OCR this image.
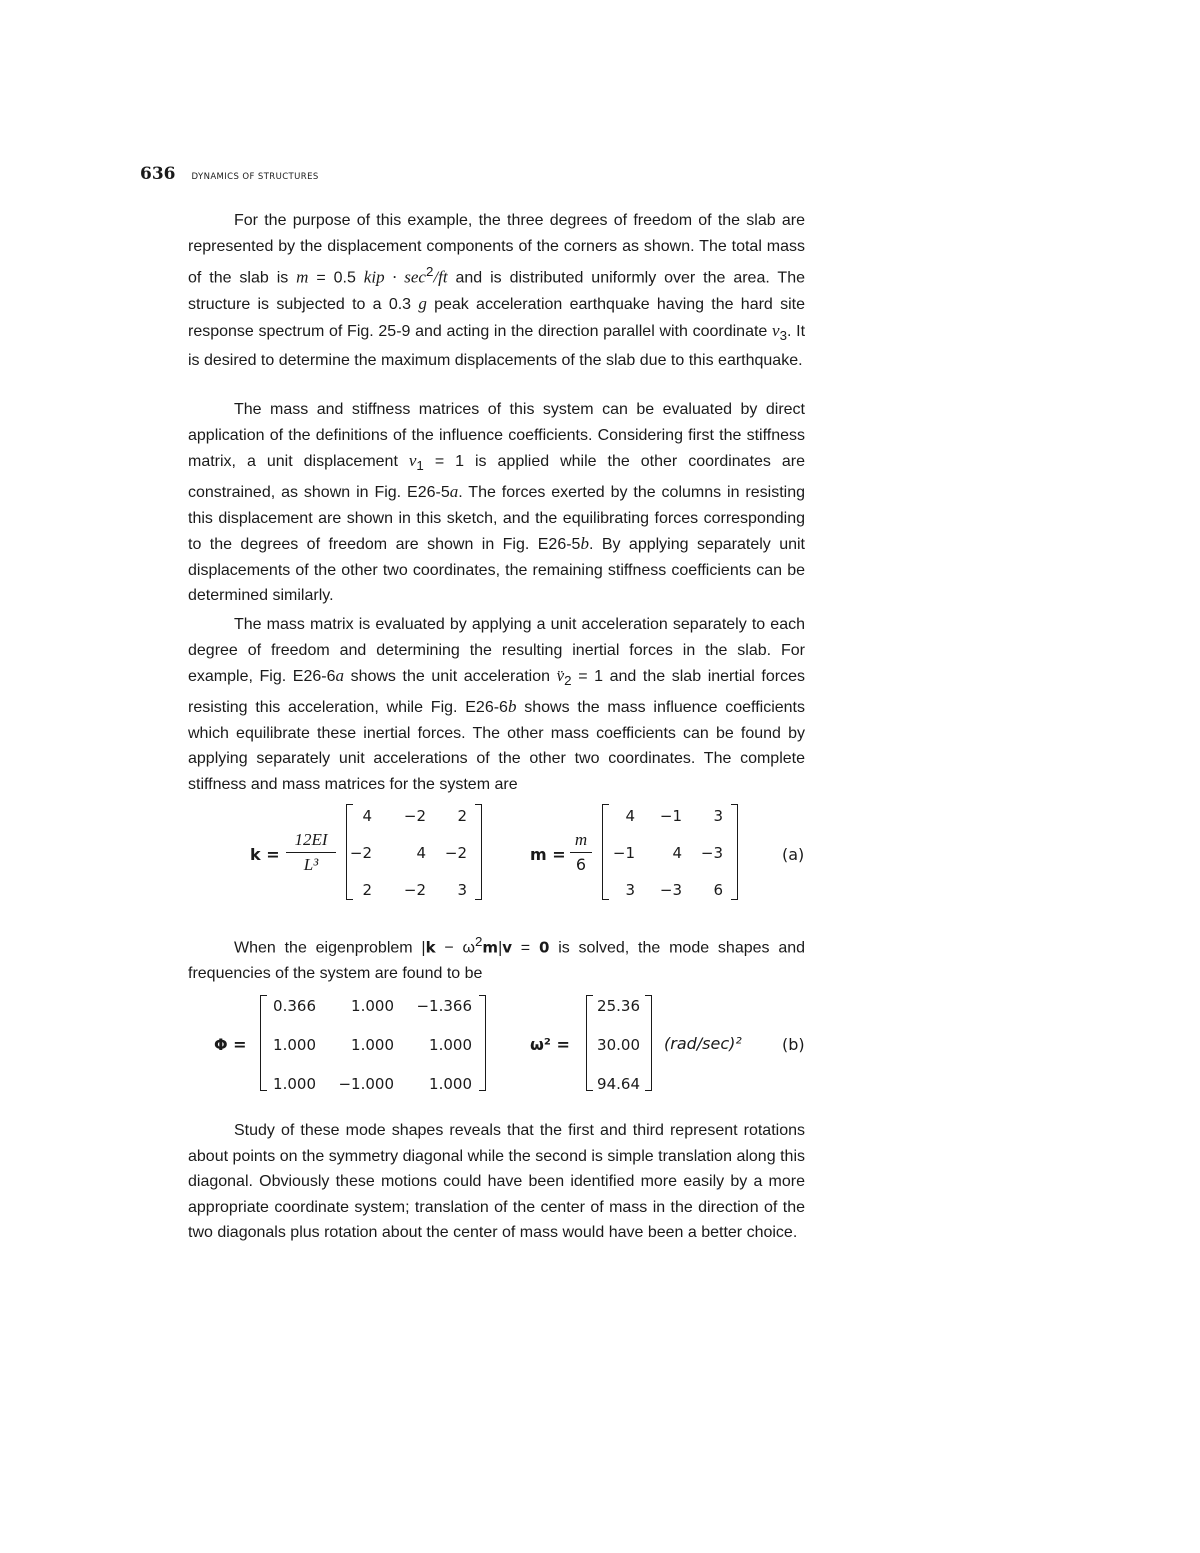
636 DYNAMICS OF STRUCTURES

For the purpose of this example, the three degrees of freedom of the slab are represented by the displacement components of the corners as shown. The total mass of the slab is m = 0.5 kip · $\sec^2/ft$ and is distributed uniformly over the area. The structure is subjected to a 0.3 g peak acceleration earthquake having the hard site response spectrum of Fig. 25-9 and acting in the direction parallel with coordinate $v_3$. It is desired to determine the maximum displacements of the slab due to this earthquake.

The mass and stiffness matrices of this system can be evaluated by direct application of the definitions of the influence coefficients. Considering first the stiffness matrix, a unit displacement $v_1 = 1$ is applied while the other coordinates are constrained, as shown in Fig. E26-5a. The forces exerted by the columns in resisting this displacement are shown in this sketch, and the equilibrating forces corresponding to the degrees of freedom are shown in Fig. E26-5b. By applying separately unit displacements of the other two coordinates, the remaining stiffness coefficients can be determined similarly.

The mass matrix is evaluated by applying a unit acceleration separately to each degree of freedom and determining the resulting inertial forces in the slab. For example, Fig. E26-6a shows the unit acceleration $v̈_2 = 1$ and the slab inertial forces resisting this acceleration, while Fig. E26-6b shows the mass influence coefficients which equilibrate these inertial forces. The other mass coefficients can be found by applying separately unit accelerations of the other two coordinates. The complete stiffness and mass matrices for the system are

k =
12EI
L³
4 −2 2
−2	4 −2
2 −2 3
m =
m
6
4 −1 3
−1 4 −3
3 −3 6
(a)

When the eigenproblem $|k - \omega^2m|v = 0$ is solved, the mode shapes and frequencies of the system are found to be

Φ =
0.366 1.000 −1.366
1.000 1.000 1.000
1.000 −1.000 1.000
ω² =
25.36
30.00
94.64
(rad/sec)²	(b)

Study of these mode shapes reveals that the first and third represent rotations about points on the symmetry diagonal while the second is simple translation along this diagonal. Obviously these motions could have been identified more easily by a more appropriate coordinate system; translation of the center of mass in the direction of the two diagonals plus rotation about the center of mass would have been a better choice.
